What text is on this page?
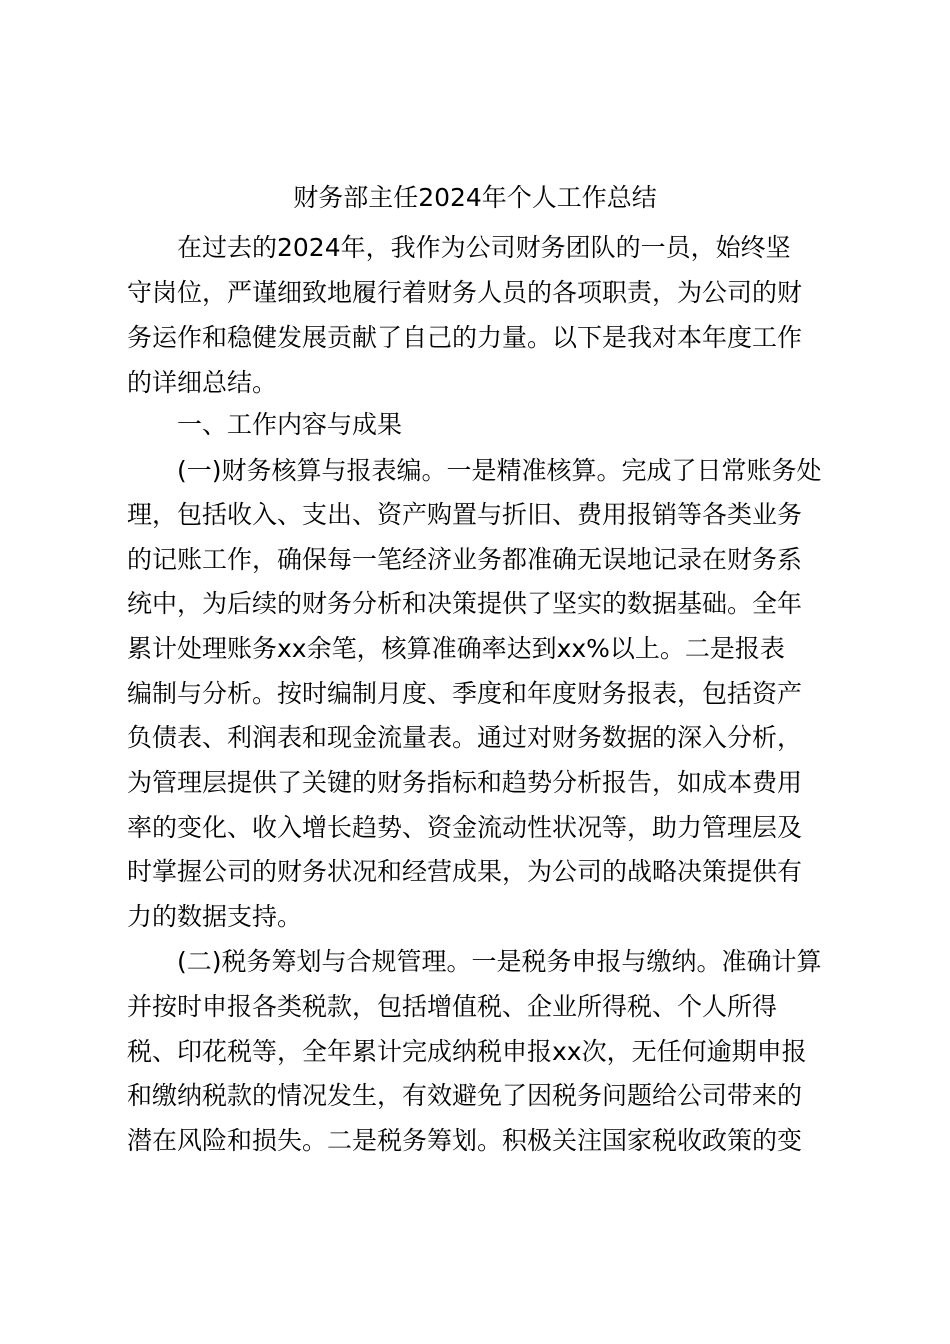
财务部主任2024年个人工作总结
在过去的2024年，我作为公司财务团队的一员，始终坚
守岗位，严谨细致地履行着财务人员的各项职责，为公司的财
务运作和稳健发展贡献了自己的力量。以下是我对本年度工作
的详细总结。
一、工作内容与成果
(一)财务核算与报表编。一是精准核算。完成了日常账务处
理，包括收入、支出、资产购置与折旧、费用报销等各类业务
的记账工作，确保每一笔经济业务都准确无误地记录在财务系
统中，为后续的财务分析和决策提供了坚实的数据基础。全年
累计处理账务xx余笔，核算准确率达到xx%以上。二是报表
编制与分析。按时编制月度、季度和年度财务报表，包括资产
负债表、利润表和现金流量表。通过对财务数据的深入分析，
为管理层提供了关键的财务指标和趋势分析报告，如成本费用
率的变化、收入增长趋势、资金流动性状况等，助力管理层及
时掌握公司的财务状况和经营成果，为公司的战略决策提供有
力的数据支持。
(二)税务筹划与合规管理。一是税务申报与缴纳。准确计算
并按时申报各类税款，包括增值税、企业所得税、个人所得
税、印花税等，全年累计完成纳税申报xx次，无任何逾期申报
和缴纳税款的情况发生，有效避免了因税务问题给公司带来的
潜在风险和损失。二是税务筹划。积极关注国家税收政策的变
